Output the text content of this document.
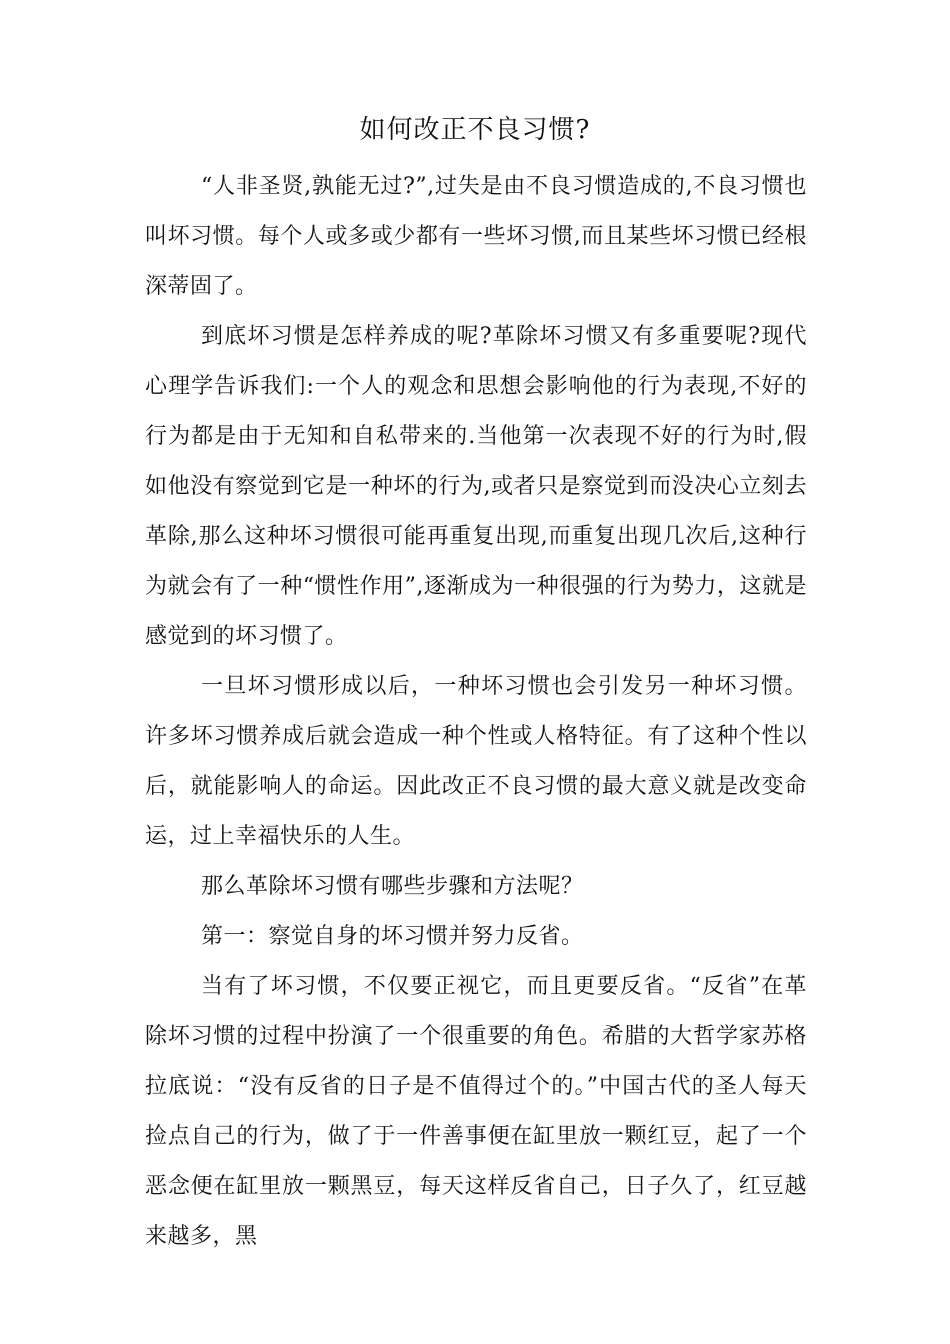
如何改正不良习惯?

“人非圣贤,孰能无过?”,过失是由不良习惯造成的,不良习惯也叫坏习惯。每个人或多或少都有一些坏习惯,而且某些坏习惯已经根深蒂固了。

到底坏习惯是怎样养成的呢?革除坏习惯又有多重要呢?现代心理学告诉我们:一个人的观念和思想会影响他的行为表现,不好的行为都是由于无知和自私带来的.当他第一次表现不好的行为时,假如他没有察觉到它是一种坏的行为,或者只是察觉到而没决心立刻去革除,那么这种坏习惯很可能再重复出现,而重复出现几次后,这种行为就会有了一种“惯性作用”,逐渐成为一种很强的行为势力，这就是感觉到的坏习惯了。

一旦坏习惯形成以后，一种坏习惯也会引发另一种坏习惯。许多坏习惯养成后就会造成一种个性或人格特征。有了这种个性以后，就能影响人的命运。因此改正不良习惯的最大意义就是改变命运，过上幸福快乐的人生。

那么革除坏习惯有哪些步骤和方法呢？

第一：察觉自身的坏习惯并努力反省。

当有了坏习惯，不仅要正视它，而且更要反省。“反省”在革除坏习惯的过程中扮演了一个很重要的角色。希腊的大哲学家苏格拉底说：“没有反省的日子是不值得过个的。”中国古代的圣人每天捡点自己的行为，做了于一件善事便在缸里放一颗红豆，起了一个恶念便在缸里放一颗黑豆，每天这样反省自己，日子久了，红豆越来越多，黑
